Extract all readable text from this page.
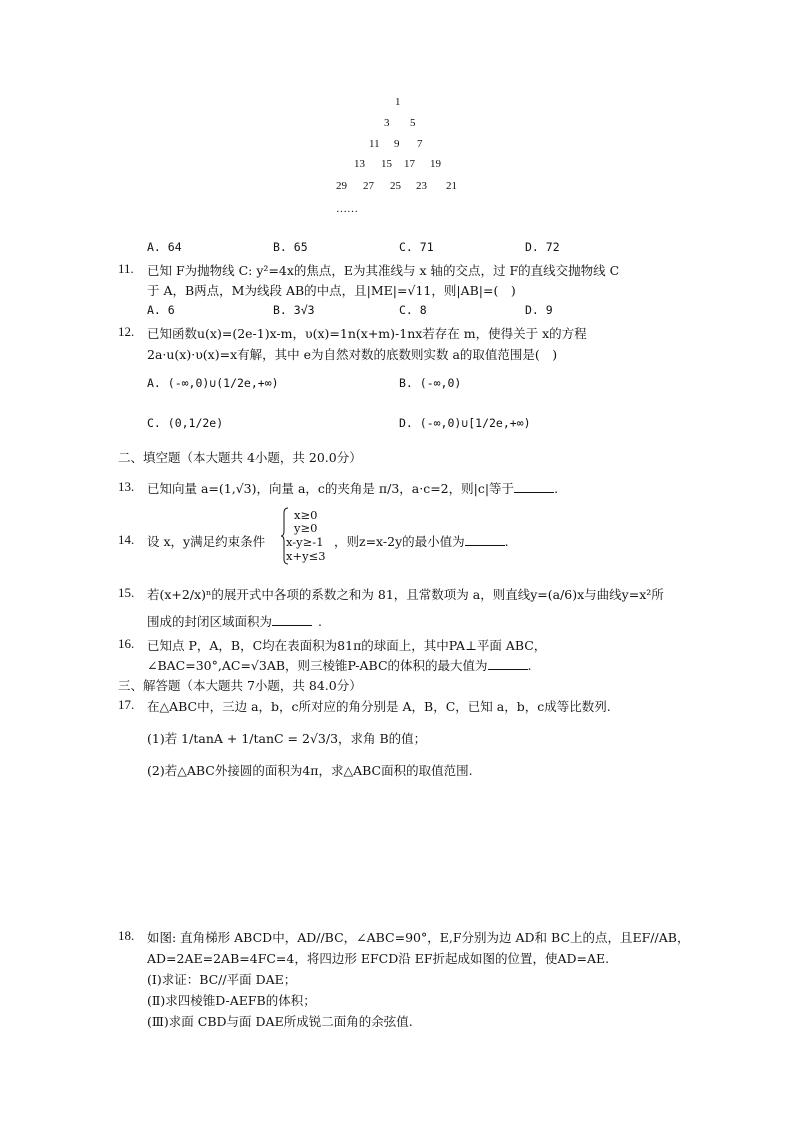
1
3 5
11 9 7
13 15 17 19
29 27 25 23 21
……
A. 64	B. 65	C. 71	D. 72
11. 已知 F为抛物线 C: y²=4x的焦点，E为其准线与 x 轴的交点，过 F的直线交抛物线 C
于 A，B两点，M为线段 AB的中点，且|ME|=√11，则|AB|=(　)
A. 6	B. 3√3	C. 8	D. 9
12. 已知函数u(x)=(2e-1)x-m，υ(x)=1n(x+m)-1nx若存在 m，使得关于 x的方程
2a·u(x)·υ(x)=x有解，其中 e为自然对数的底数则实数 a的取值范围是(　)
A. (-∞,0)∪(1/2e,+∞)	B. (-∞,0)
C. (0,1/2e)	D. (-∞,0)∪[1/2e,+∞)
二、填空题（本大题共 4小题，共 20.0分）
13. 已知向量 a=(1,√3)，向量 a，c的夹角是 π/3，a·c=2，则|c|等于	.
14. 设 x，y满足约束条件
x≥0
y≥0
x-y≥-1
x+y≤3
，则z=x-2y的最小值为	.
15. 若(x+2/x)ⁿ的展开式中各项的系数之和为 81，且常数项为 a，则直线y=(a/6)x与曲线y=x²所
围成的封闭区域面积为	.
16. 已知点 P，A，B，C均在表面积为81π的球面上，其中PA⊥平面 ABC，
∠BAC=30°,AC=√3AB，则三棱锥P-ABC的体积的最大值为	.
三、解答题（本大题共 7小题，共 84.0分）
17. 在△ABC中，三边 a，b，c所对应的角分别是 A，B，C，已知 a，b，c成等比数列.
(1)若 1/tanA + 1/tanC = 2√3/3，求角 B的值；
(2)若△ABC外接圆的面积为4π，求△ABC面积的取值范围.
18. 如图: 直角梯形 ABCD中，AD//BC，∠ABC=90°，E,F分别为边 AD和 BC上的点，且EF//AB，
AD=2AE=2AB=4FC=4，将四边形 EFCD沿 EF折起成如图的位置，使AD=AE.
(Ⅰ)求证：BC//平面 DAE；
(Ⅱ)求四棱锥D-AEFB的体积；
(Ⅲ)求面 CBD与面 DAE所成锐二面角的余弦值.
